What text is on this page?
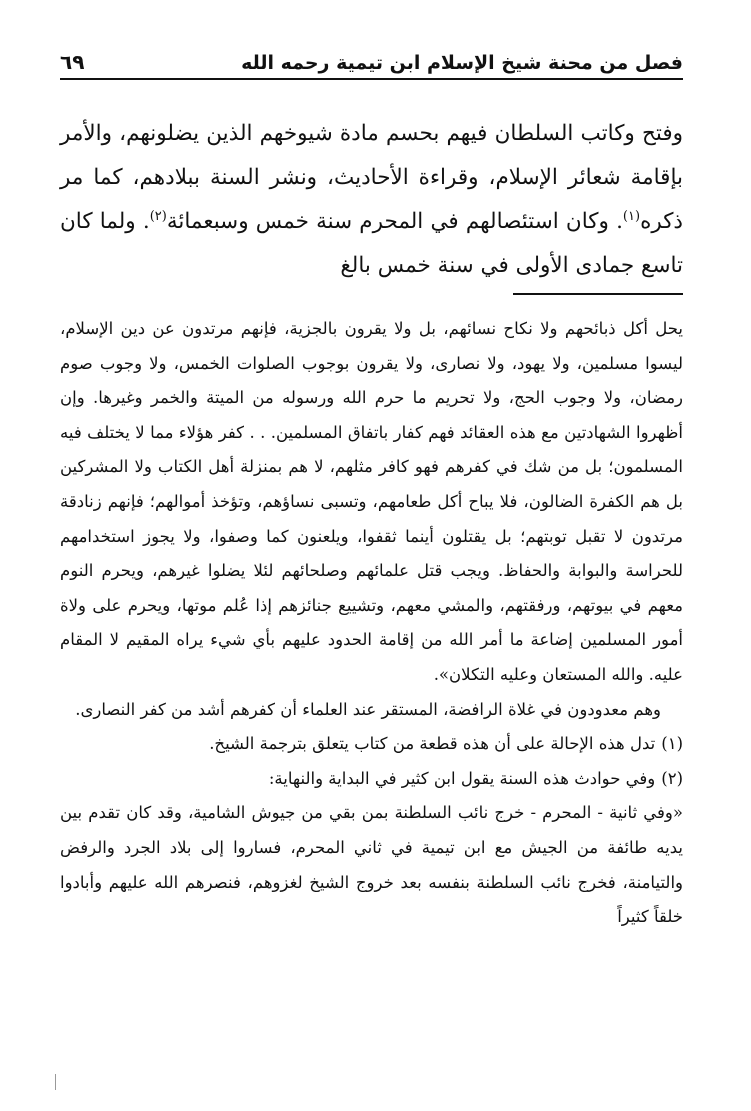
فصل من محنة شيخ الإسلام ابن تيمية رحمه الله
٦٩

وفتح وكاتب السلطان فيهم بحسم مادة شيوخهم الذين يضلونهم، والأمر بإقامة شعائر الإسلام، وقراءة الأحاديث، ونشر السنة ببلادهم، كما مر ذكره$^{(١)}$. وكان استئصالهم في المحرم سنة خمس وسبعمائة$^{(٢)}$. ولما كان تاسع جمادى الأولى في سنة خمس بالغ

يحل أكل ذبائحهم ولا نكاح نسائهم، بل ولا يقرون بالجزية، فإنهم مرتدون عن دين الإسلام، ليسوا مسلمين، ولا يهود، ولا نصارى، ولا يقرون بوجوب الصلوات الخمس، ولا وجوب صوم رمضان، ولا وجوب الحج، ولا تحريم ما حرم الله ورسوله من الميتة والخمر وغيرها. وإن أظهروا الشهادتين مع هذه العقائد فهم كفار باتفاق المسلمين. . . كفر هؤلاء مما لا يختلف فيه المسلمون؛ بل من شك في كفرهم فهو كافر مثلهم، لا هم بمنزلة أهل الكتاب ولا المشركين بل هم الكفرة الضالون، فلا يباح أكل طعامهم، وتسبى نساؤهم، وتؤخذ أموالهم؛ فإنهم زنادقة مرتدون لا تقبل توبتهم؛ بل يقتلون أينما ثقفوا، ويلعنون كما وصفوا، ولا يجوز استخدامهم للحراسة والبوابة والحفاظ. ويجب قتل علمائهم وصلحائهم لئلا يضلوا غيرهم، ويحرم النوم معهم في بيوتهم، ورفقتهم، والمشي معهم، وتشييع جنائزهم إذا عُلم موتها، ويحرم على ولاة أمور المسلمين إضاعة ما أمر الله من إقامة الحدود عليهم بأي شيء يراه المقيم لا المقام عليه. والله المستعان وعليه التكلان».

وهم معدودون في غلاة الرافضة، المستقر عند العلماء أن كفرهم أشد من كفر النصارى.

(١)
تدل هذه الإحالة على أن هذه قطعة من كتاب يتعلق بترجمة الشيخ.
(٢)
وفي حوادث هذه السنة يقول ابن كثير في البداية والنهاية:

«وفي ثانية - المحرم - خرج نائب السلطنة بمن بقي من جيوش الشامية، وقد كان تقدم بين يديه طائفة من الجيش مع ابن تيمية في ثاني المحرم، فساروا إلى بلاد الجرد والرفض والتيامنة، فخرج نائب السلطنة بنفسه بعد خروج الشيخ لغزوهم، فنصرهم الله عليهم وأبادوا خلقاً كثيراً
